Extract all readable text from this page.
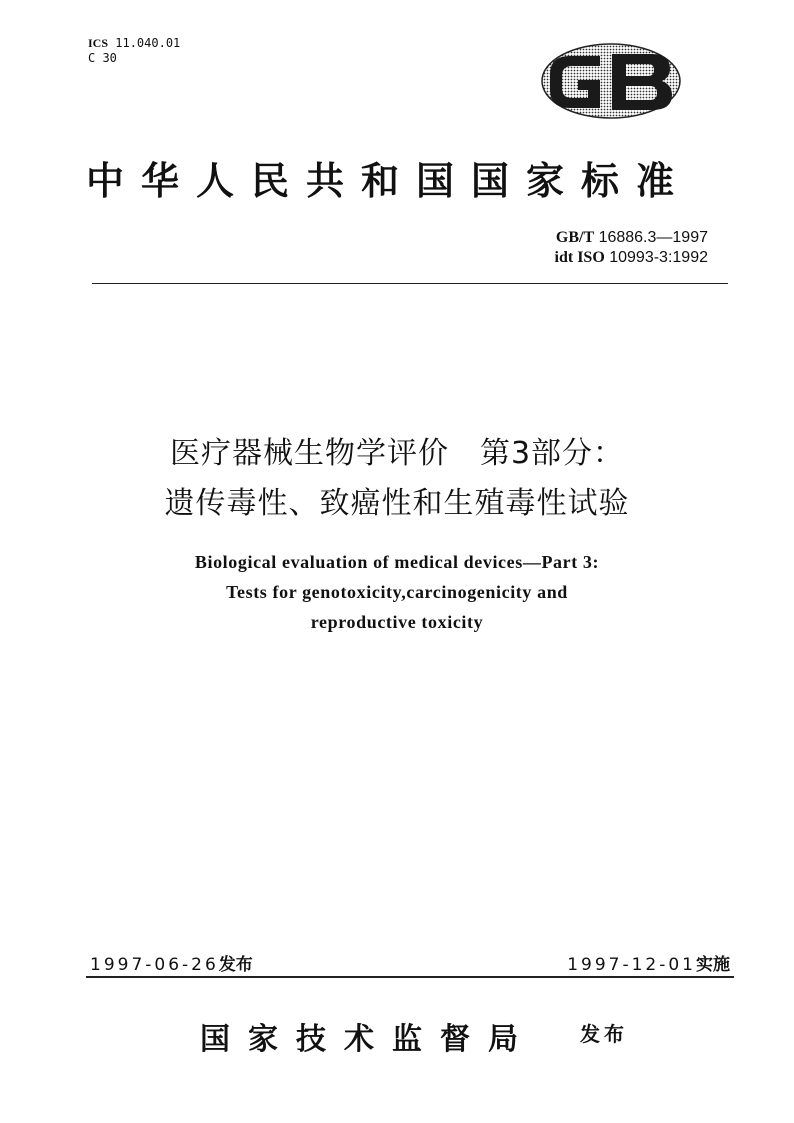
ICS 11.040.01
C 30
中华人民共和国国家标准
GB/T 16886.3—1997
idt ISO 10993-3:1992
医疗器械生物学评价　第3部分：
遗传毒性、致癌性和生殖毒性试验
Biological evaluation of medical devices—Part 3:
Tests for genotoxicity,carcinogenicity and
reproductive toxicity
1997-06-26发布	1997-12-01实施
国家技术监督局 发布
